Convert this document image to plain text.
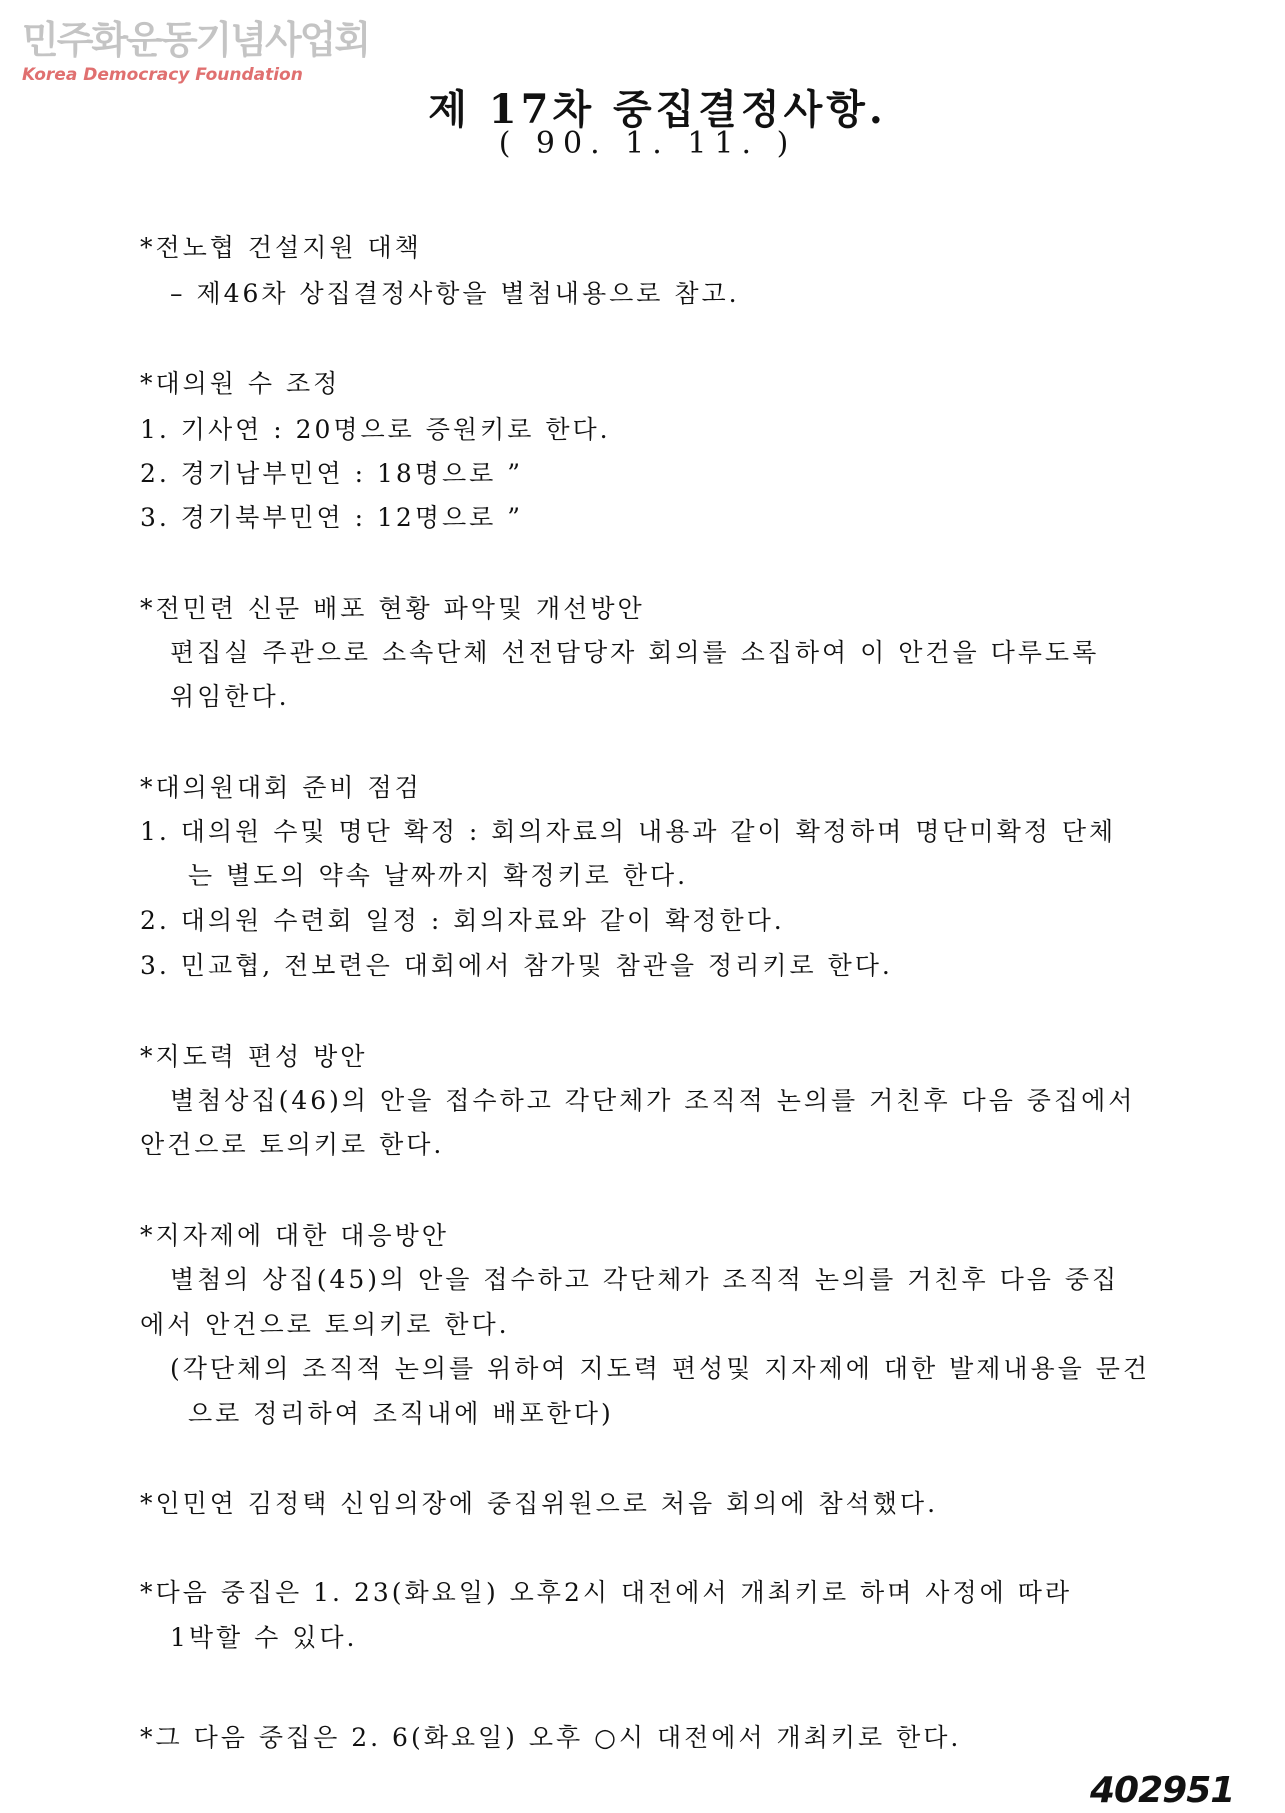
민주화운동기념사업회
Korea Democracy Foundation
제 17차 중집결정사항.
( 90. 1. 11. )
*전노협 건설지원 대책
– 제46차 상집결정사항을 별첨내용으로 참고.
*대의원 수 조정
1. 기사연 : 20명으로 증원키로 한다.
2. 경기남부민연 : 18명으로 ”
3. 경기북부민연 : 12명으로 ”
*전민련 신문 배포 현황 파악및 개선방안
편집실 주관으로 소속단체 선전담당자 회의를 소집하여 이 안건을 다루도록
위임한다.
*대의원대회 준비 점검
1. 대의원 수및 명단 확정 : 회의자료의 내용과 같이 확정하며 명단미확정 단체
는 별도의 약속 날짜까지 확정키로 한다.
2. 대의원 수련회 일정 : 회의자료와 같이 확정한다.
3. 민교협, 전보련은 대회에서 참가및 참관을 정리키로 한다.
*지도력 편성 방안
별첨상집(46)의 안을 접수하고 각단체가 조직적 논의를 거친후 다음 중집에서
안건으로 토의키로 한다.
*지자제에 대한 대응방안
별첨의 상집(45)의 안을 접수하고 각단체가 조직적 논의를 거친후 다음 중집
에서 안건으로 토의키로 한다.
(각단체의 조직적 논의를 위하여 지도력 편성및 지자제에 대한 발제내용을 문건
으로 정리하여 조직내에 배포한다)
*인민연 김정택 신임의장에 중집위원으로 처음 회의에 참석했다.
*다음 중집은 1. 23(화요일) 오후2시 대전에서 개최키로 하며 사정에 따라
1박할 수 있다.
*그 다음 중집은 2. 6(화요일) 오후 ○시 대전에서 개최키로 한다.
402951
